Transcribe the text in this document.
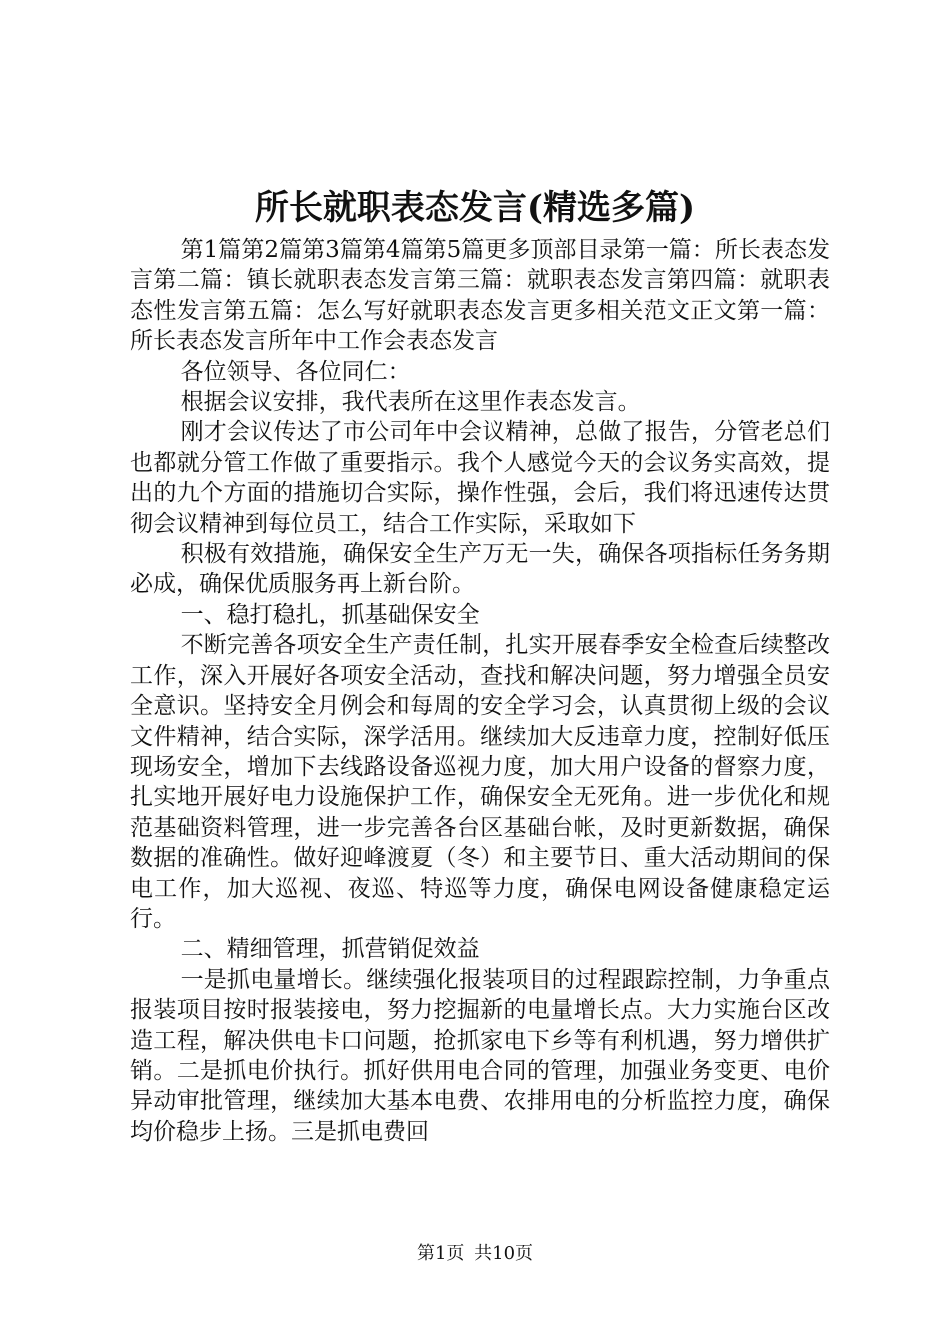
所长就职表态发言(精选多篇)

第1篇第2篇第3篇第4篇第5篇更多顶部目录第一篇：所长表态发言第二篇：镇长就职表态发言第三篇：就职表态发言第四篇：就职表态性发言第五篇：怎么写好就职表态发言更多相关范文正文第一篇：所长表态发言所年中工作会表态发言

各位领导、各位同仁：

根据会议安排，我代表所在这里作表态发言。

刚才会议传达了市公司年中会议精神，总做了报告，分管老总们也都就分管工作做了重要指示。我个人感觉今天的会议务实高效，提出的九个方面的措施切合实际，操作性强，会后，我们将迅速传达贯彻会议精神到每位员工，结合工作实际，采取如下

积极有效措施，确保安全生产万无一失，确保各项指标任务务期必成，确保优质服务再上新台阶。

一、稳打稳扎，抓基础保安全

不断完善各项安全生产责任制，扎实开展春季安全检查后续整改工作，深入开展好各项安全活动，查找和解决问题，努力增强全员安全意识。坚持安全月例会和每周的安全学习会，认真贯彻上级的会议文件精神，结合实际，深学活用。继续加大反违章力度，控制好低压现场安全，增加下去线路设备巡视力度，加大用户设备的督察力度，扎实地开展好电力设施保护工作，确保安全无死角。进一步优化和规范基础资料管理，进一步完善各台区基础台帐，及时更新数据，确保数据的准确性。做好迎峰渡夏（冬）和主要节日、重大活动期间的保电工作，加大巡视、夜巡、特巡等力度，确保电网设备健康稳定运行。

二、精细管理，抓营销促效益

一是抓电量增长。继续强化报装项目的过程跟踪控制，力争重点报装项目按时报装接电，努力挖掘新的电量增长点。大力实施台区改造工程，解决供电卡口问题，抢抓家电下乡等有利机遇，努力增供扩销。二是抓电价执行。抓好供用电合同的管理，加强业务变更、电价异动审批管理，继续加大基本电费、农排用电的分析监控力度，确保均价稳步上扬。三是抓电费回

第1页 共10页
